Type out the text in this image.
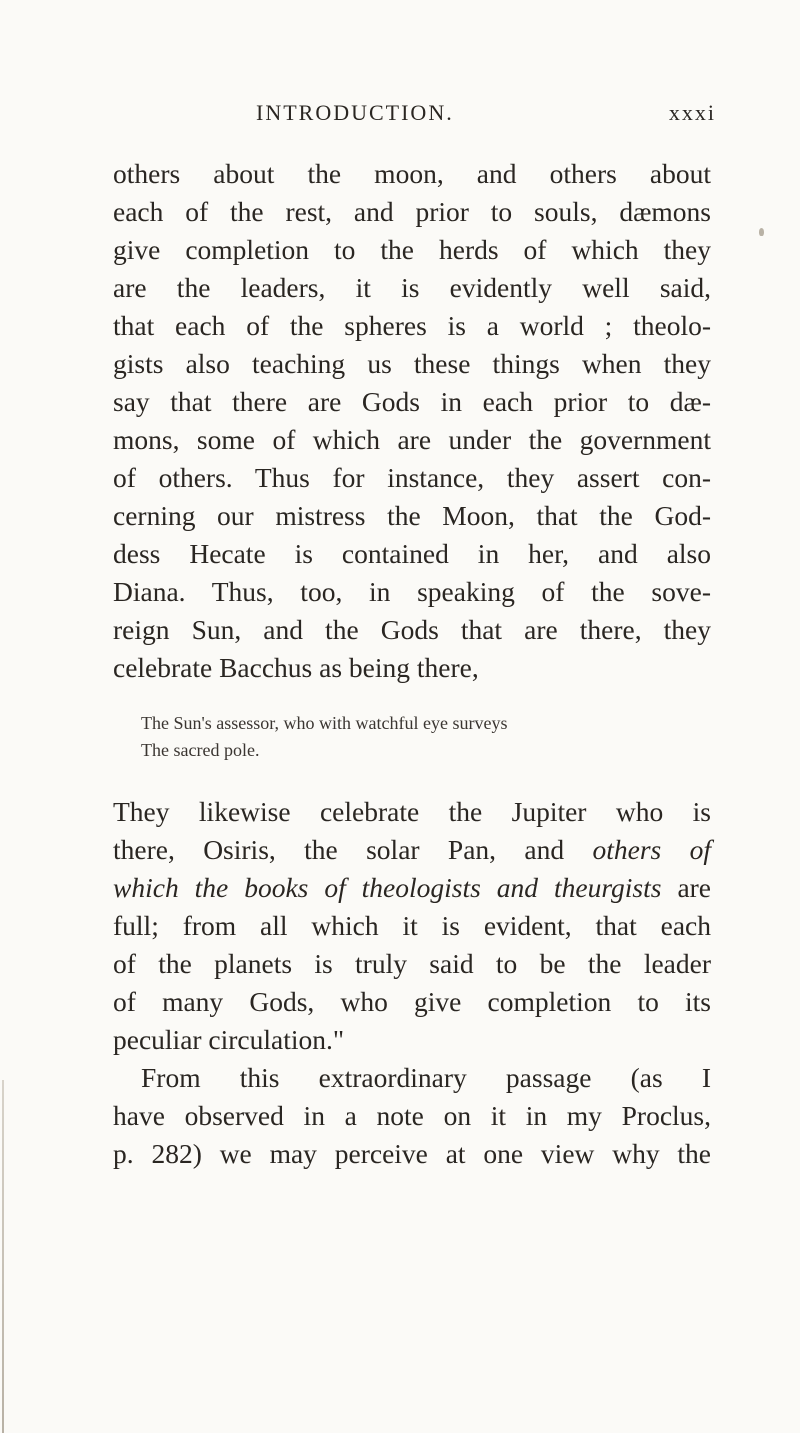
INTRODUCTION.	xxxi
others about the moon, and others about
each of the rest, and prior to souls, dæmons
give completion to the herds of which they
are the leaders, it is evidently well said,
that each of the spheres is a world ; theolo-
gists also teaching us these things when they
say that there are Gods in each prior to dæ-
mons, some of which are under the government
of others. Thus for instance, they assert con-
cerning our mistress the Moon, that the God-
dess Hecate is contained in her, and also
Diana. Thus, too, in speaking of the sove-
reign Sun, and the Gods that are there, they
celebrate Bacchus as being there,
The Sun's assessor, who with watchful eye surveys
The sacred pole.
They likewise celebrate the Jupiter who is
there, Osiris, the solar Pan, and others of
which the books of theologists and theurgists are
full; from all which it is evident, that each
of the planets is truly said to be the leader
of many Gods, who give completion to its
peculiar circulation."
From this extraordinary passage (as I
have observed in a note on it in my Proclus,
p. 282) we may perceive at one view why the
